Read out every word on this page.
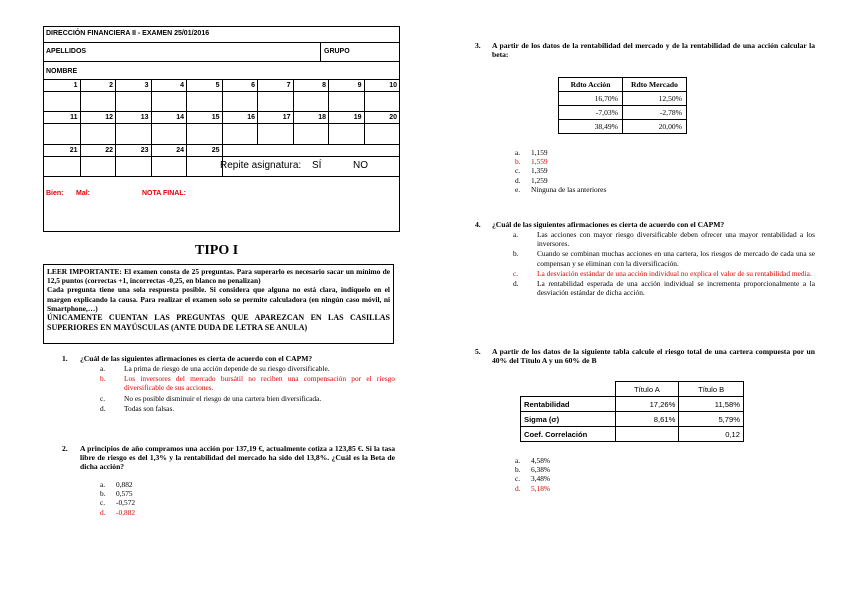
DIRECCIÓN FINANCIERA II - EXAMEN 25/01/2016
APELLIDOS	GRUPO
NOMBRE
1	2	3	4	5	6	7	8	9	10
11	12	13	14	15	16	17	18	19	20
21	22	23	24	25
Repite asignatura: SÍ	NO
Bien: Mal:	NOTA FINAL:
TIPO I

LEER IMPORTANTE: El examen consta de 25 preguntas. Para superarlo es necesario sacar un mínimo de 12,5 puntos (correctas +1, incorrectas -0,25, en blanco no penalizan)

Cada pregunta tiene una sola respuesta posible. Si considera que alguna no está clara, indíquelo en el margen explicando la causa. Para realizar el examen solo se permite calculadora (en ningún caso móvil, ni Smartphone,…)

ÚNICAMENTE CUENTAN LAS PREGUNTAS QUE APAREZCAN EN LAS CASILLAS SUPERIORES EN MAYÚSCULAS (ANTE DUDA DE LETRA SE ANULA)

1. ¿Cuál de las siguientes afirmaciones es cierta de acuerdo con el CAPM?
a.	La prima de riesgo de una acción depende de su riesgo diversificable.
b. Los inversores del mercado bursátil no reciben una compensación por el riesgo diversificable de sus acciones.
c.	No es posible disminuir el riesgo de una cartera bien diversificada.
d. Todas son falsas.
2. A principios de año compramos una acción por 137,19 €, actualmente cotiza a 123,85 €. Si la tasa libre de riesgo es del 1,3% y la rentabilidad del mercado ha sido del 13,8%. ¿Cuál es la Beta de dicha acción?
a. 0,882
b. 0,575
c. -0,572
d. -0,882
3. A partir de los datos de la rentabilidad del mercado y de la rentabilidad de una acción calcular la beta:
Rdto Acción	Rdto Mercado
16,70%	12,50%
-7,03%	-2,78%
38,49%	20,00%
a. 1,159
b. 1,559
c. 1,359
d. 1,259
e. Ninguna de las anteriores
4. ¿Cuál de las siguientes afirmaciones es cierta de acuerdo con el CAPM?
a.	Las acciones con mayor riesgo diversificable deben ofrecer una mayor rentabilidad a los inversores.
b. Cuando se combinan muchas acciones en una cartera, los riesgos de mercado de cada una se compensan y se eliminan con la diversificación.
c.	La desviación estándar de una acción individual no explica el valor de su rentabilidad media.
d. La rentabilidad esperada de una acción individual se incrementa proporcionalmente a la desviación estándar de dicha acción.
5. A partir de los datos de la siguiente tabla calcule el riesgo total de una cartera compuesta por un 40% del Título A y un 60% de B
	Título A	Título B
Rentabilidad	17,26%	11,58%
Sigma (σ)	8,61%	5,79%
Coef. Correlación		0,12
a. 4,58%
b. 6,38%
c. 3,48%
d. 5,18%
